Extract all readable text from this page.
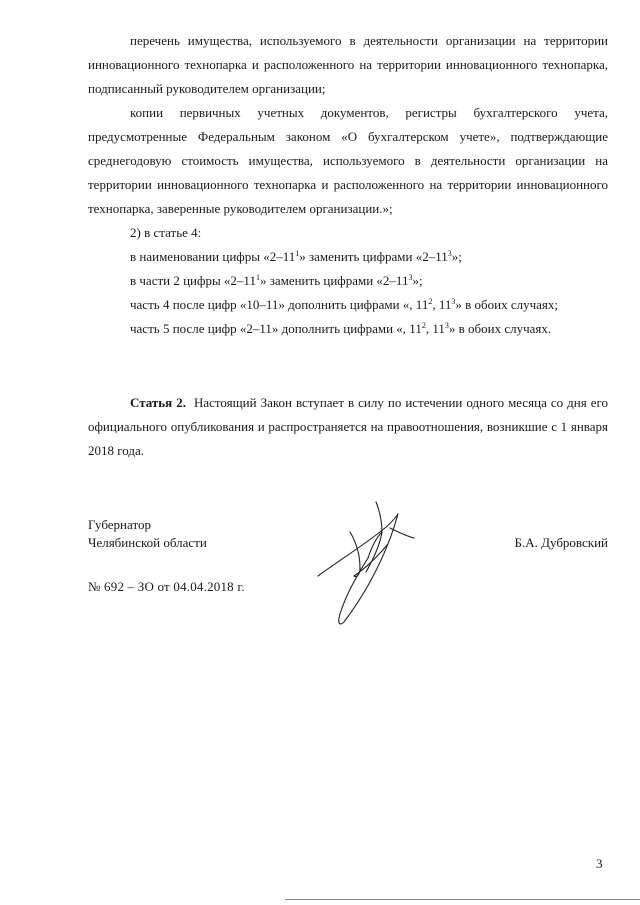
перечень имущества, используемого в деятельности организации на территории инновационного технопарка и расположенного на территории инновационного технопарка, подписанный руководителем организации;

копии первичных учетных документов, регистры бухгалтерского учета, предусмотренные Федеральным законом «О бухгалтерском учете», подтверждающие среднегодовую стоимость имущества, используемого в деятельности организации на территории инновационного технопарка и расположенного на территории инновационного технопарка, заверенные руководителем организации.»;

2) в статье 4:
в наименовании цифры «$2-11^1$» заменить цифрами «$2-11^3$»;
в части 2 цифры «$2-11^1$» заменить цифрами «$2-11^3$»;
часть 4 после цифр «10–11» дополнить цифрами «, $11^2$, $11^3$» в обоих случаях;
часть 5 после цифр «2–11» дополнить цифрами «, $11^2$, $11^3$» в обоих случаях.

Статья 2. Настоящий Закон вступает в силу по истечении одного месяца со дня его официального опубликования и распространяется на правоотношения, возникшие с 1 января 2018 года.

Губернатор
Челябинской области	Б.А. Дубровский
№ 692 – ЗО от 04.04.2018 г.
3
